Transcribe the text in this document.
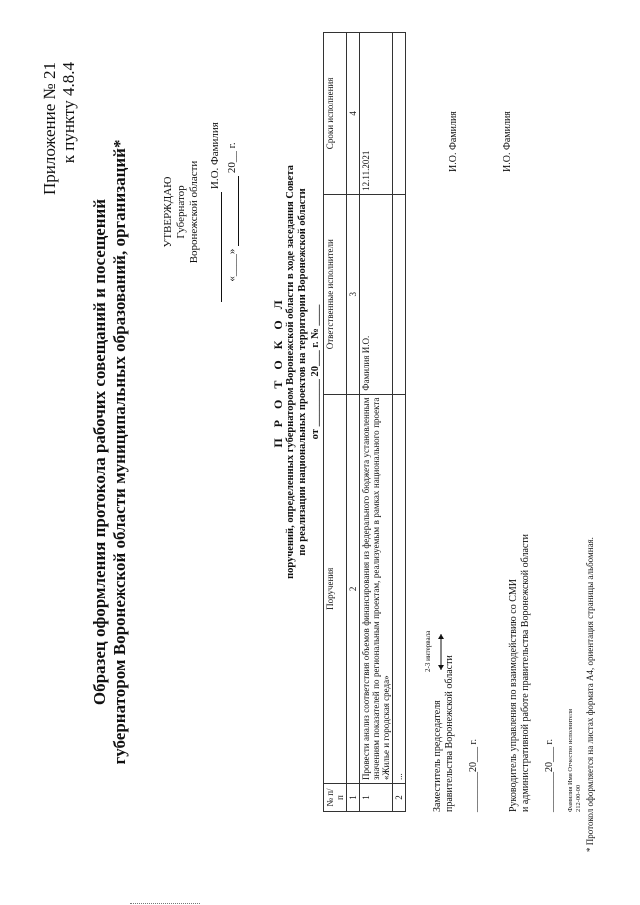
Приложение № 21 к пункту 4.8.4
Образец оформления протокола рабочих совещаний и посещений губернатором Воронежской области муниципальных образований, организаций*	УТВЕРЖДАЮ Губернатор Воронежской области
И.О. Фамилия
«____»  20__ г.
П Р О Т О К О Л поручений, определенных губернатором Воронежской области в ходе заседания Совета по реализации национальных проектов на территории Воронежской области от _________ 20___ г. № ____
№ п/п	Поручения	Ответственные исполнители	Сроки исполнения
1	2	3	4
1	Провести анализ соответствия объемов финансирования из федерального бюджета установленным значениям показателей по региональным проектам, реализуемым в рамках национального проекта «Жилье и городская среда»	Фамилия И.О.	12.11.2021
2	...		
2-3 интервала
Заместитель председателя правительства Воронежской области ________20___ г.
И.О. Фамилия
Руководитель управления по взаимодействию со СМИ и административной работе правительства Воронежской области ________20___ г.
И.О. Фамилия
Фамилия Имя Отчество исполнителя 212-00-00 * Протокол оформляется на листах формата А4, ориентация страницы альбомная.
